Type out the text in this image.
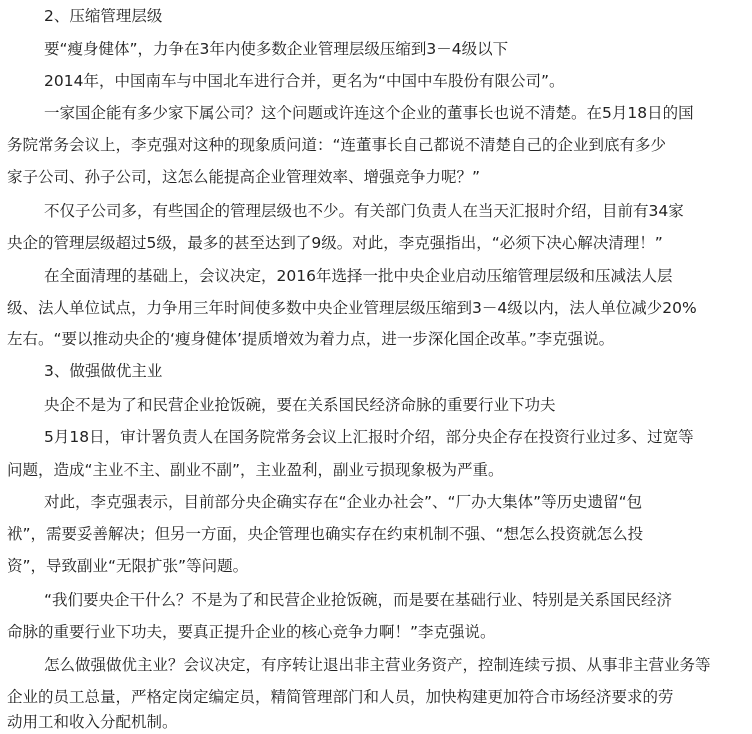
2、压缩管理层级
要“瘦身健体”，力争在3年内使多数企业管理层级压缩到3－4级以下
2014年，中国南车与中国北车进行合并，更名为“中国中车股份有限公司”。
一家国企能有多少家下属公司？这个问题或许连这个企业的董事长也说不清楚。在5月18日的国
务院常务会议上，李克强对这种的现象质问道：“连董事长自己都说不清楚自己的企业到底有多少
家子公司、孙子公司，这怎么能提高企业管理效率、增强竞争力呢？”
不仅子公司多，有些国企的管理层级也不少。有关部门负责人在当天汇报时介绍，目前有34家
央企的管理层级超过5级，最多的甚至达到了9级。对此，李克强指出，“必须下决心解决清理！”
在全面清理的基础上，会议决定，2016年选择一批中央企业启动压缩管理层级和压减法人层
级、法人单位试点，力争用三年时间使多数中央企业管理层级压缩到3－4级以内，法人单位减少20%
左右。“要以推动央企的‘瘦身健体’提质增效为着力点，进一步深化国企改革。”李克强说。
3、做强做优主业
央企不是为了和民营企业抢饭碗，要在关系国民经济命脉的重要行业下功夫
5月18日，审计署负责人在国务院常务会议上汇报时介绍，部分央企存在投资行业过多、过宽等
问题，造成“主业不主、副业不副”，主业盈利，副业亏损现象极为严重。
对此，李克强表示，目前部分央企确实存在“企业办社会”、“厂办大集体”等历史遗留“包
袱”，需要妥善解决；但另一方面，央企管理也确实存在约束机制不强、“想怎么投资就怎么投
资”，导致副业“无限扩张”等问题。
“我们要央企干什么？不是为了和民营企业抢饭碗，而是要在基础行业、特别是关系国民经济
命脉的重要行业下功夫，要真正提升企业的核心竞争力啊！”李克强说。
怎么做强做优主业？会议决定，有序转让退出非主营业务资产，控制连续亏损、从事非主营业务等
企业的员工总量，严格定岗定编定员，精简管理部门和人员，加快构建更加符合市场经济要求的劳
动用工和收入分配机制。
